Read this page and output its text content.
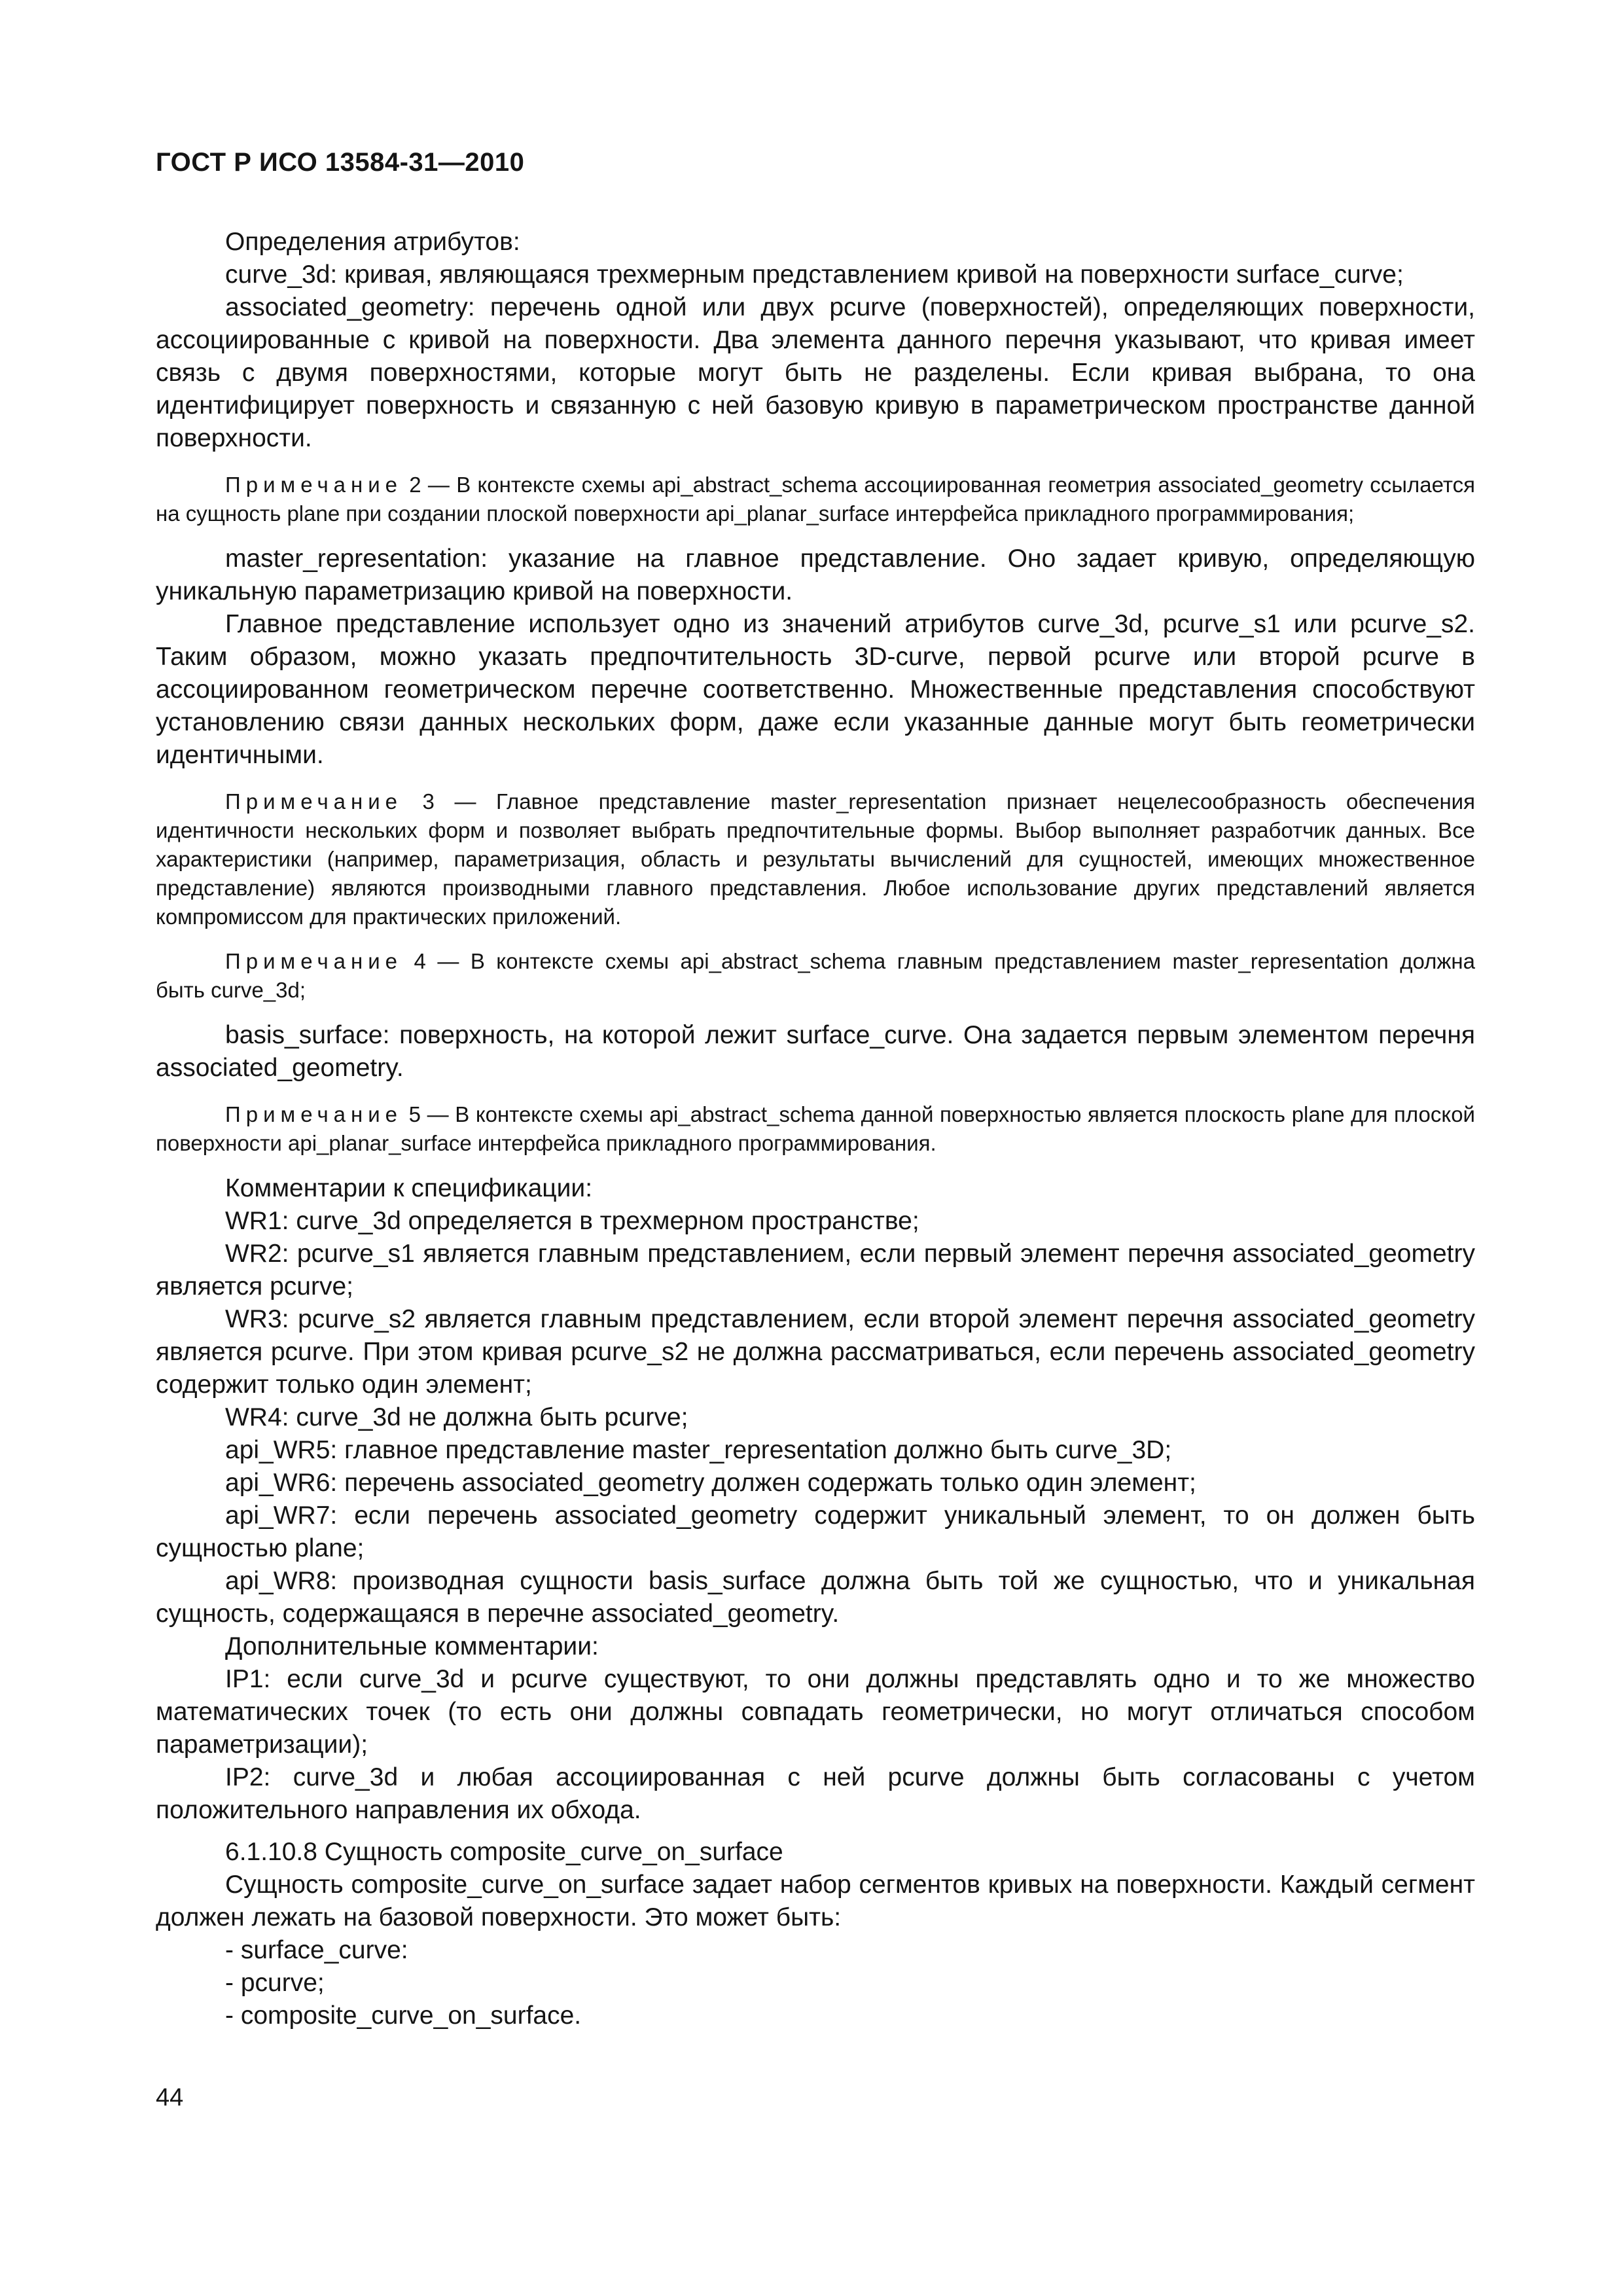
ГОСТ Р ИСО 13584-31—2010

Определения атрибутов:

curve_3d: кривая, являющаяся трехмерным представлением кривой на поверхности surface_curve;

associated_geometry: перечень одной или двух pcurve (поверхностей), определяющих поверхности, ассоциированные с кривой на поверхности. Два элемента данного перечня указывают, что кривая имеет связь с двумя поверхностями, которые могут быть не разделены. Если кривая выбрана, то она идентифицирует поверхность и связанную с ней базовую кривую в параметрическом пространстве данной поверхности.

Примечание 2 — В контексте схемы api_abstract_schema ассоциированная геометрия associated_geometry ссылается на сущность plane при создании плоской поверхности api_planar_surface интерфейса прикладного программирования;

master_representation: указание на главное представление. Оно задает кривую, определяющую уникальную параметризацию кривой на поверхности.

Главное представление использует одно из значений атрибутов curve_3d, pcurve_s1 или pcurve_s2. Таким образом, можно указать предпочтительность 3D-curve, первой pcurve или второй pcurve в ассоциированном геометрическом перечне соответственно. Множественные представления способствуют установлению связи данных нескольких форм, даже если указанные данные могут быть геометрически идентичными.

Примечание 3 — Главное представление master_representation признает нецелесообразность обеспечения идентичности нескольких форм и позволяет выбрать предпочтительные формы. Выбор выполняет разработчик данных. Все характеристики (например, параметризация, область и результаты вычислений для сущностей, имеющих множественное представление) являются производными главного представления. Любое использование других представлений является компромиссом для практических приложений.

Примечание 4 — В контексте схемы api_abstract_schema главным представлением master_representation должна быть curve_3d;

basis_surface: поверхность, на которой лежит surface_curve. Она задается первым элементом перечня associated_geometry.

Примечание 5 — В контексте схемы api_abstract_schema данной поверхностью является плоскость plane для плоской поверхности api_planar_surface интерфейса прикладного программирования.

Комментарии к спецификации:

WR1: curve_3d определяется в трехмерном пространстве;

WR2: pcurve_s1 является главным представлением, если первый элемент перечня associated_geometry является pcurve;

WR3: pcurve_s2 является главным представлением, если второй элемент перечня associated_geometry является pcurve. При этом кривая pcurve_s2 не должна рассматриваться, если перечень associated_geometry содержит только один элемент;

WR4: curve_3d не должна быть pcurve;

api_WR5: главное представление master_representation должно быть curve_3D;

api_WR6: перечень associated_geometry должен содержать только один элемент;

api_WR7: если перечень associated_geometry содержит уникальный элемент, то он должен быть сущностью plane;

api_WR8: производная сущности basis_surface должна быть той же сущностью, что и уникальная сущность, содержащаяся в перечне associated_geometry.

Дополнительные комментарии:

IP1: если curve_3d и pcurve существуют, то они должны представлять одно и то же множество математических точек (то есть они должны совпадать геометрически, но могут отличаться способом параметризации);

IP2: curve_3d и любая ассоциированная с ней pcurve должны быть согласованы с учетом положительного направления их обхода.

6.1.10.8 Сущность composite_curve_on_surface

Сущность composite_curve_on_surface задает набор сегментов кривых на поверхности. Каждый сегмент должен лежать на базовой поверхности. Это может быть:

- surface_curve:
- pcurve;
- composite_curve_on_surface.
44
